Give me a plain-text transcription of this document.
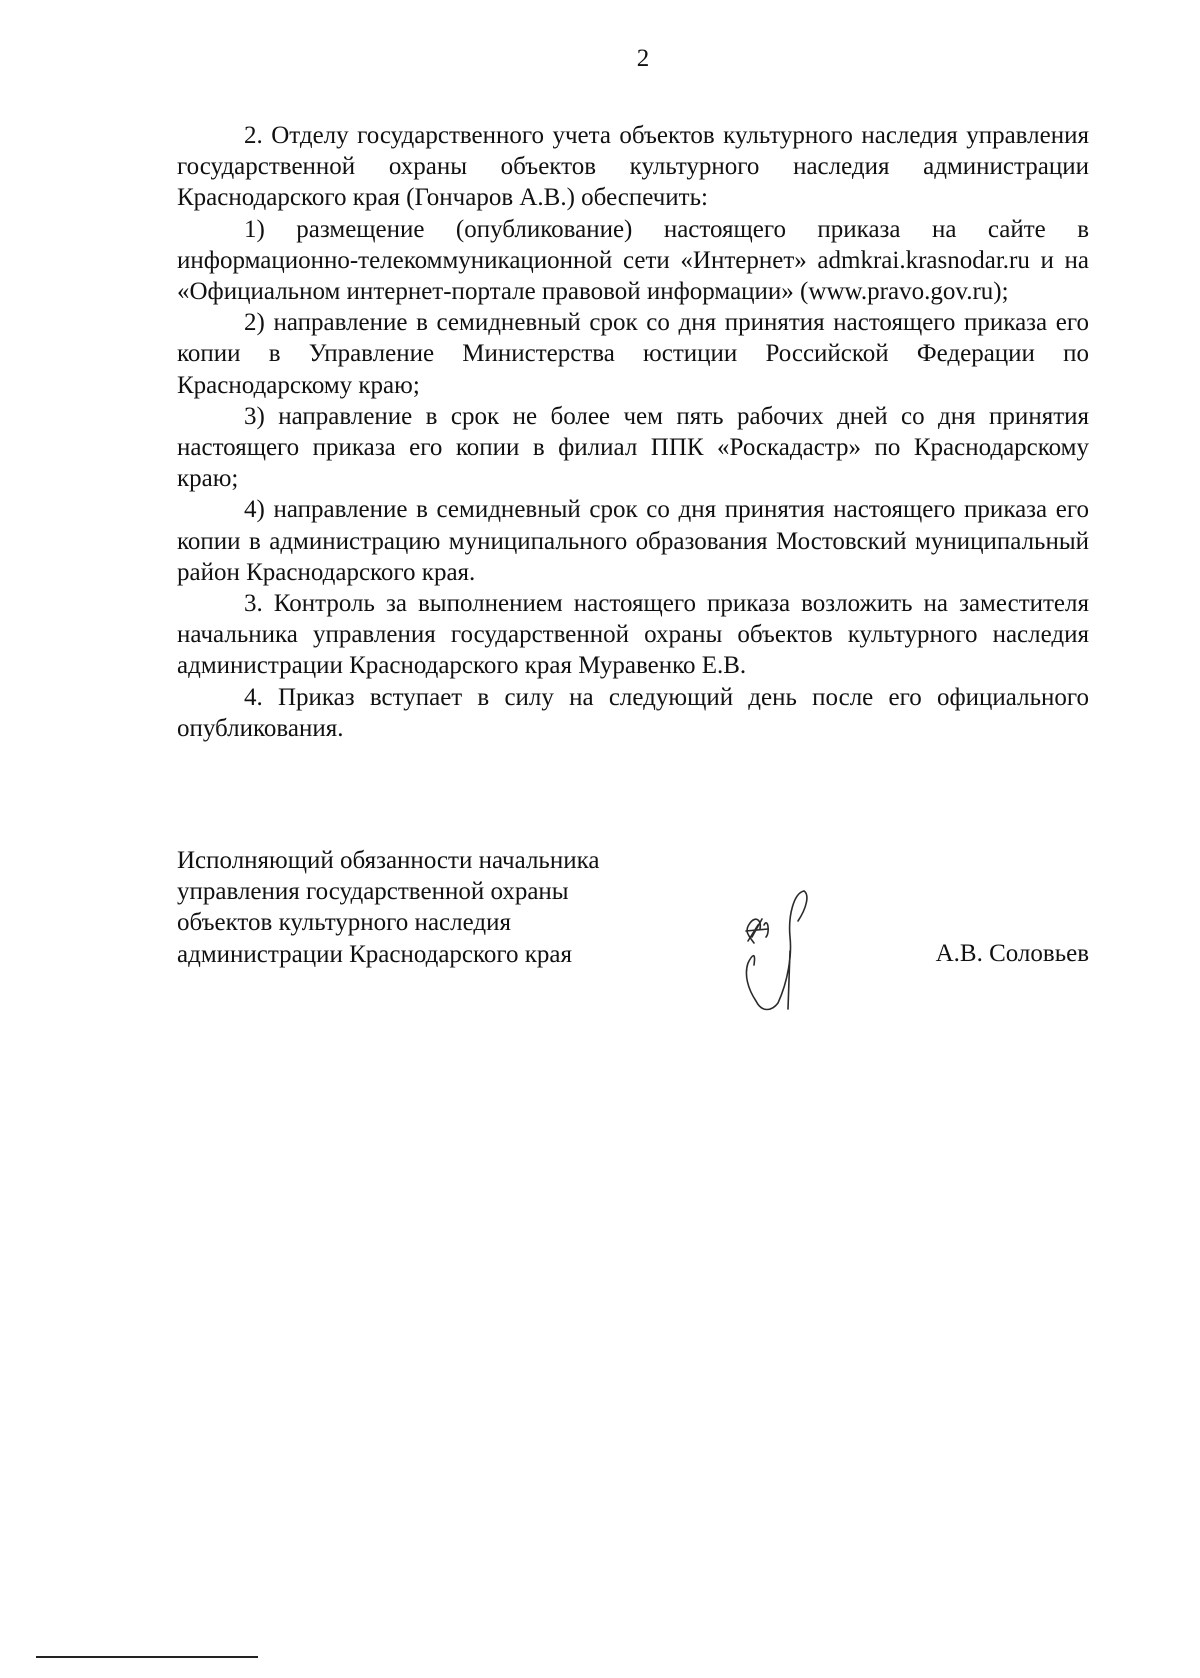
2

2. Отделу государственного учета объектов культурного наследия управления государственной охраны объектов культурного наследия администрации Краснодарского края (Гончаров А.В.) обеспечить:

1) размещение (опубликование) настоящего приказа на сайте в информационно-телекоммуникационной сети «Интернет» admkrai.krasnodar.ru и на «Официальном интернет-портале правовой информации» (www.pravo.gov.ru);

2) направление в семидневный срок со дня принятия настоящего приказа его копии в Управление Министерства юстиции Российской Федерации по Краснодарскому краю;

3) направление в срок не более чем пять рабочих дней со дня принятия настоящего приказа его копии в филиал ППК «Роскадастр» по Краснодарскому краю;

4) направление в семидневный срок со дня принятия настоящего приказа его копии в администрацию муниципального образования Мостовский муниципальный район Краснодарского края.

3. Контроль за выполнением настоящего приказа возложить на заместителя начальника управления государственной охраны объектов культурного наследия администрации Краснодарского края Муравенко Е.В.

4. Приказ вступает в силу на следующий день после его официального опубликования.

Исполняющий обязанности начальника
управления государственной охраны
объектов культурного наследия
администрации Краснодарского края	А.В. Соловьев
